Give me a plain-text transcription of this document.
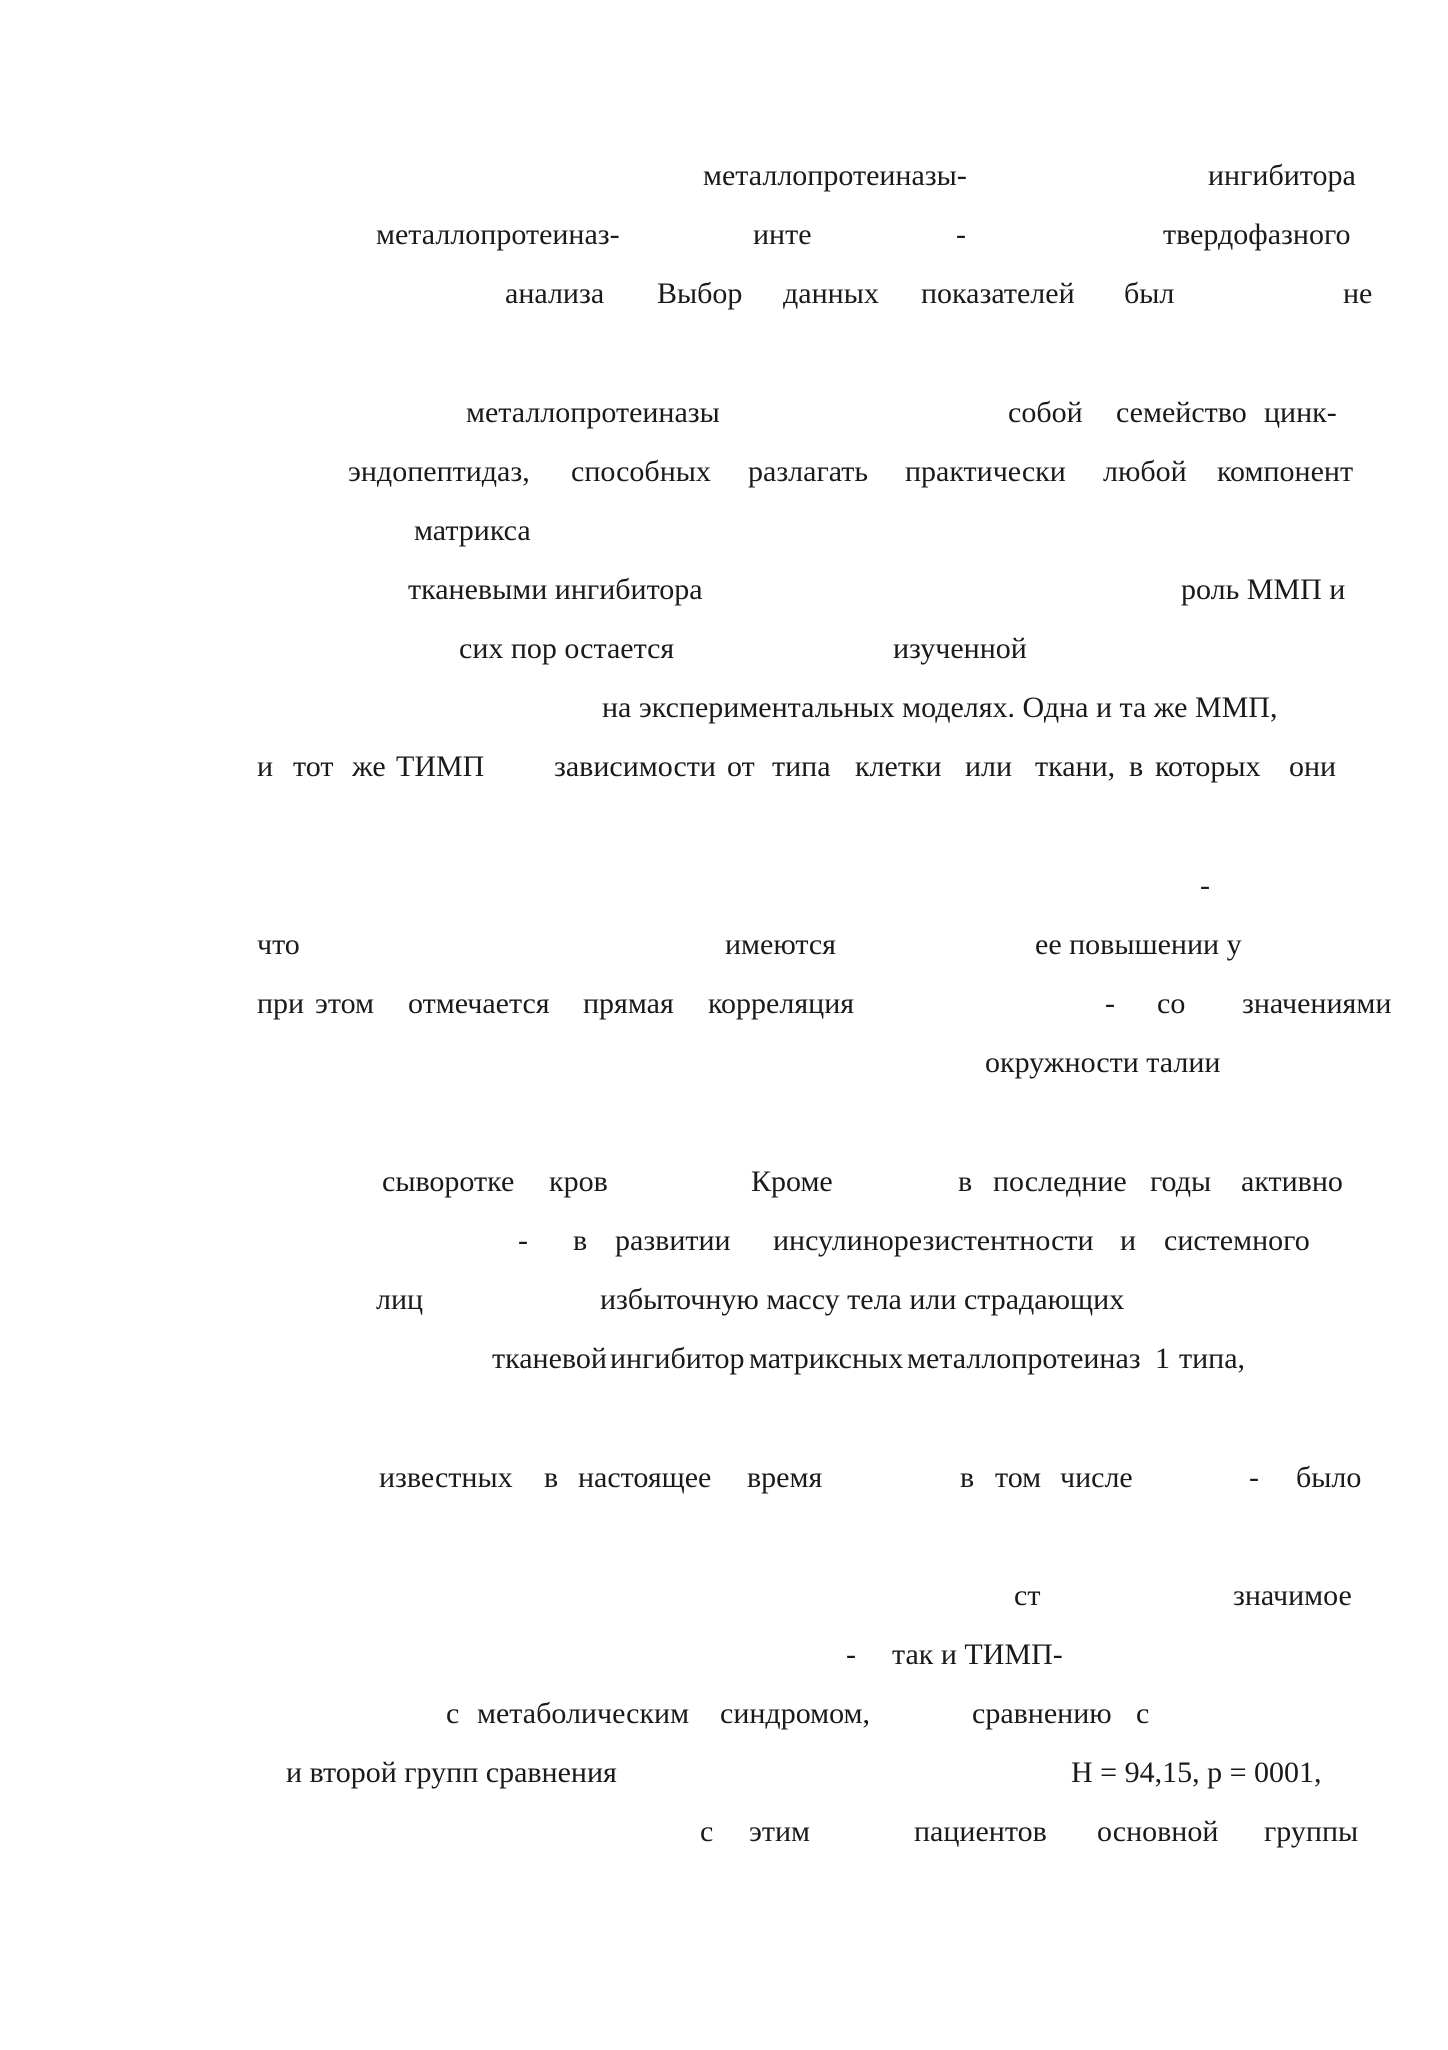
металлопротеиназы-	ингибитора

металлопротеиназ-	инте	-	твердофазного

анализа Выбор данных показателей был	не

металлопротеиназы	собой семейство цинк-

эндопептидаз, способных разлагать практически любой компонент

матрикса

тканевыми ингибитора	роль ММП и

сих пор остается	изученной

на экспериментальных моделях. Одна и та же ММП,

и тот же ТИМП зависимости от типа клетки или ткани, в которых они

-

что	имеются	ее повышении у

при этом отмечается прямая корреляция	- со значениями

окружности талии

сыворотке кров	Кроме	в последние годы активно

- в развитии инсулинорезистентности и системного

лиц	избыточную массу тела или страдающих

тканевой ингибитор матриксных металлопротеиназ 1 типа,

известных в настоящее время	в том числе	- было

ст	значимое

- так и ТИМП-

с метаболическим синдромом,	сравнению с

и второй групп сравнения	Н = 94,15, р = 0001,

с этим	пациентов основной группы
